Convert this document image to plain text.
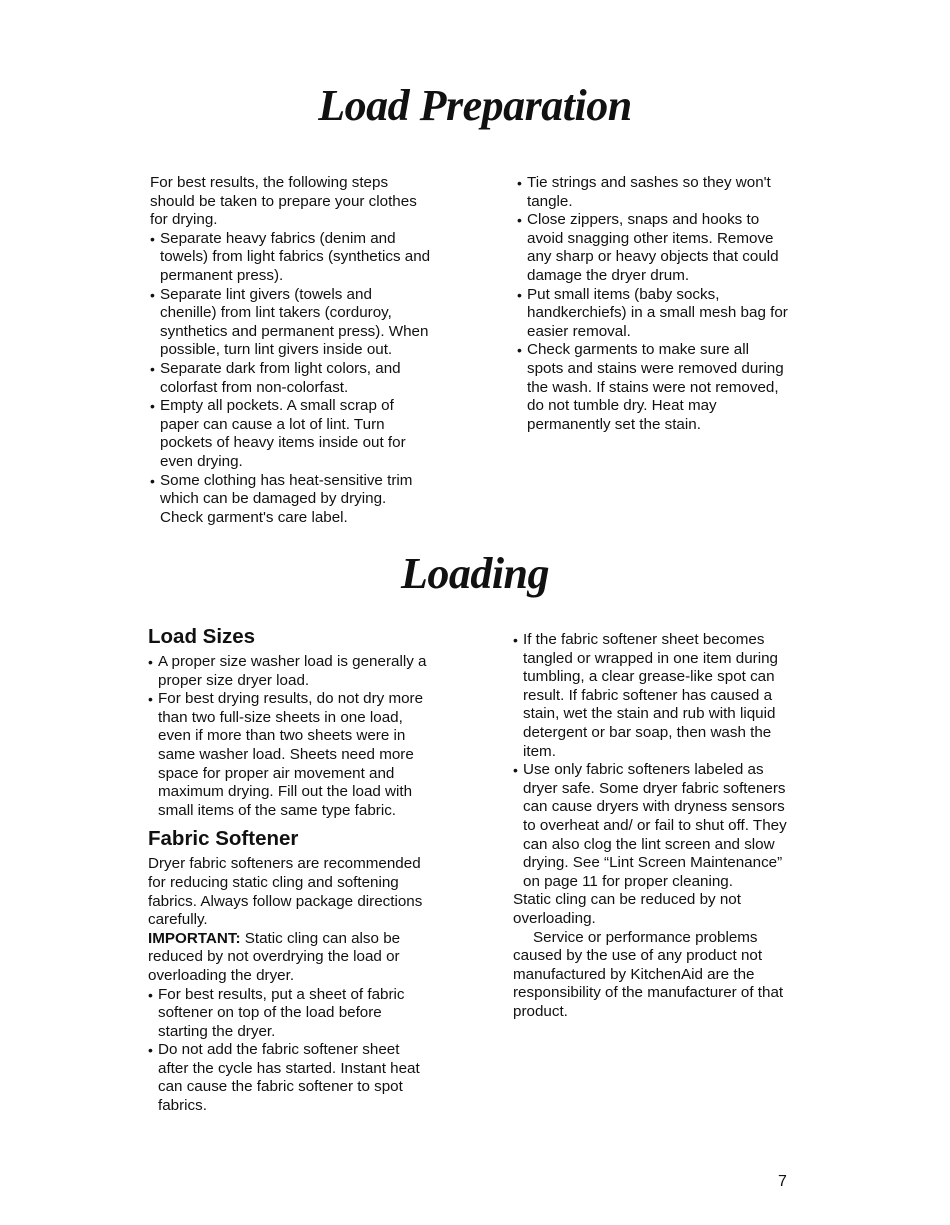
Load Preparation

For best results, the following steps should be taken to prepare your clothes for drying.

• Separate heavy fabrics (denim and towels) from light fabrics (synthetics and permanent press).
• Separate lint givers (towels and chenille) from lint takers (corduroy, synthetics and permanent press). When possible, turn lint givers inside out.
• Separate dark from light colors, and colorfast from non-colorfast.
• Empty all pockets. A small scrap of paper can cause a lot of lint. Turn pockets of heavy items inside out for even drying.
• Some clothing has heat-sensitive trim which can be damaged by drying. Check garment's care label.
• Tie strings and sashes so they won't tangle.
• Close zippers, snaps and hooks to avoid snagging other items. Remove any sharp or heavy objects that could damage the dryer drum.
• Put small items (baby socks, handkerchiefs) in a small mesh bag for easier removal.
• Check garments to make sure all spots and stains were removed during the wash. If stains were not removed, do not tumble dry. Heat may permanently set the stain.
Loading
Load Sizes
• A proper size washer load is generally a proper size dryer load.
• For best drying results, do not dry more than two full-size sheets in one load, even if more than two sheets were in same washer load. Sheets need more space for proper air movement and maximum drying. Fill out the load with small items of the same type fabric.
Fabric Softener

Dryer fabric softeners are recommended for reducing static cling and softening fabrics. Always follow package directions carefully.

IMPORTANT: Static cling can also be reduced by not overdrying the load or overloading the dryer.

• For best results, put a sheet of fabric softener on top of the load before starting the dryer.
• Do not add the fabric softener sheet after the cycle has started. Instant heat can cause the fabric softener to spot fabrics.
• If the fabric softener sheet becomes tangled or wrapped in one item during tumbling, a clear grease-like spot can result. If fabric softener has caused a stain, wet the stain and rub with liquid detergent or bar soap, then wash the item.
• Use only fabric softeners labeled as dryer safe. Some dryer fabric softeners can cause dryers with dryness sensors to overheat and/ or fail to shut off. They can also clog the lint screen and slow drying. See “Lint Screen Maintenance” on page 11 for proper cleaning.

Static cling can be reduced by not overloading.

Service or performance problems caused by the use of any product not manufactured by KitchenAid are the responsibility of the manufacturer of that product.

7
